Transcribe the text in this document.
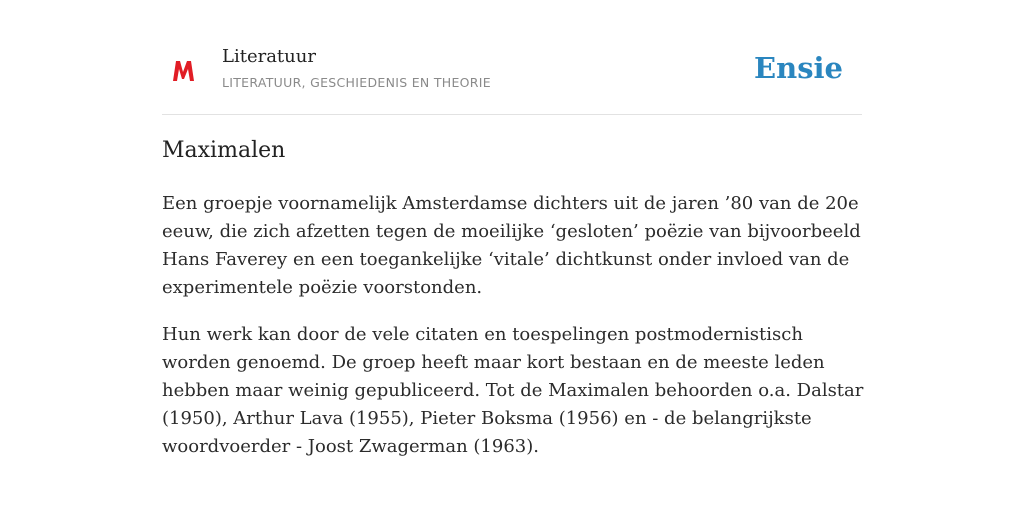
Literatuur
LITERATUUR, GESCHIEDENIS EN THEORIE	Ensie
Maximalen

Een groepje voornamelijk Amsterdamse dichters uit de jaren ’80 van de 20e eeuw, die zich afzetten tegen de moeilijke ‘gesloten’ poëzie van bijvoorbeeld Hans Faverey en een toegankelijke ‘vitale’ dichtkunst onder invloed van de experimentele poëzie voorstonden.

Hun werk kan door de vele citaten en toespelingen postmodernistisch worden genoemd. De groep heeft maar kort bestaan en de meeste leden hebben maar weinig gepubliceerd. Tot de Maximalen behoorden o.a. Dalstar (1950), Arthur Lava (1955), Pieter Boksma (1956) en - de belangrijkste woordvoerder - Joost Zwagerman (1963).
